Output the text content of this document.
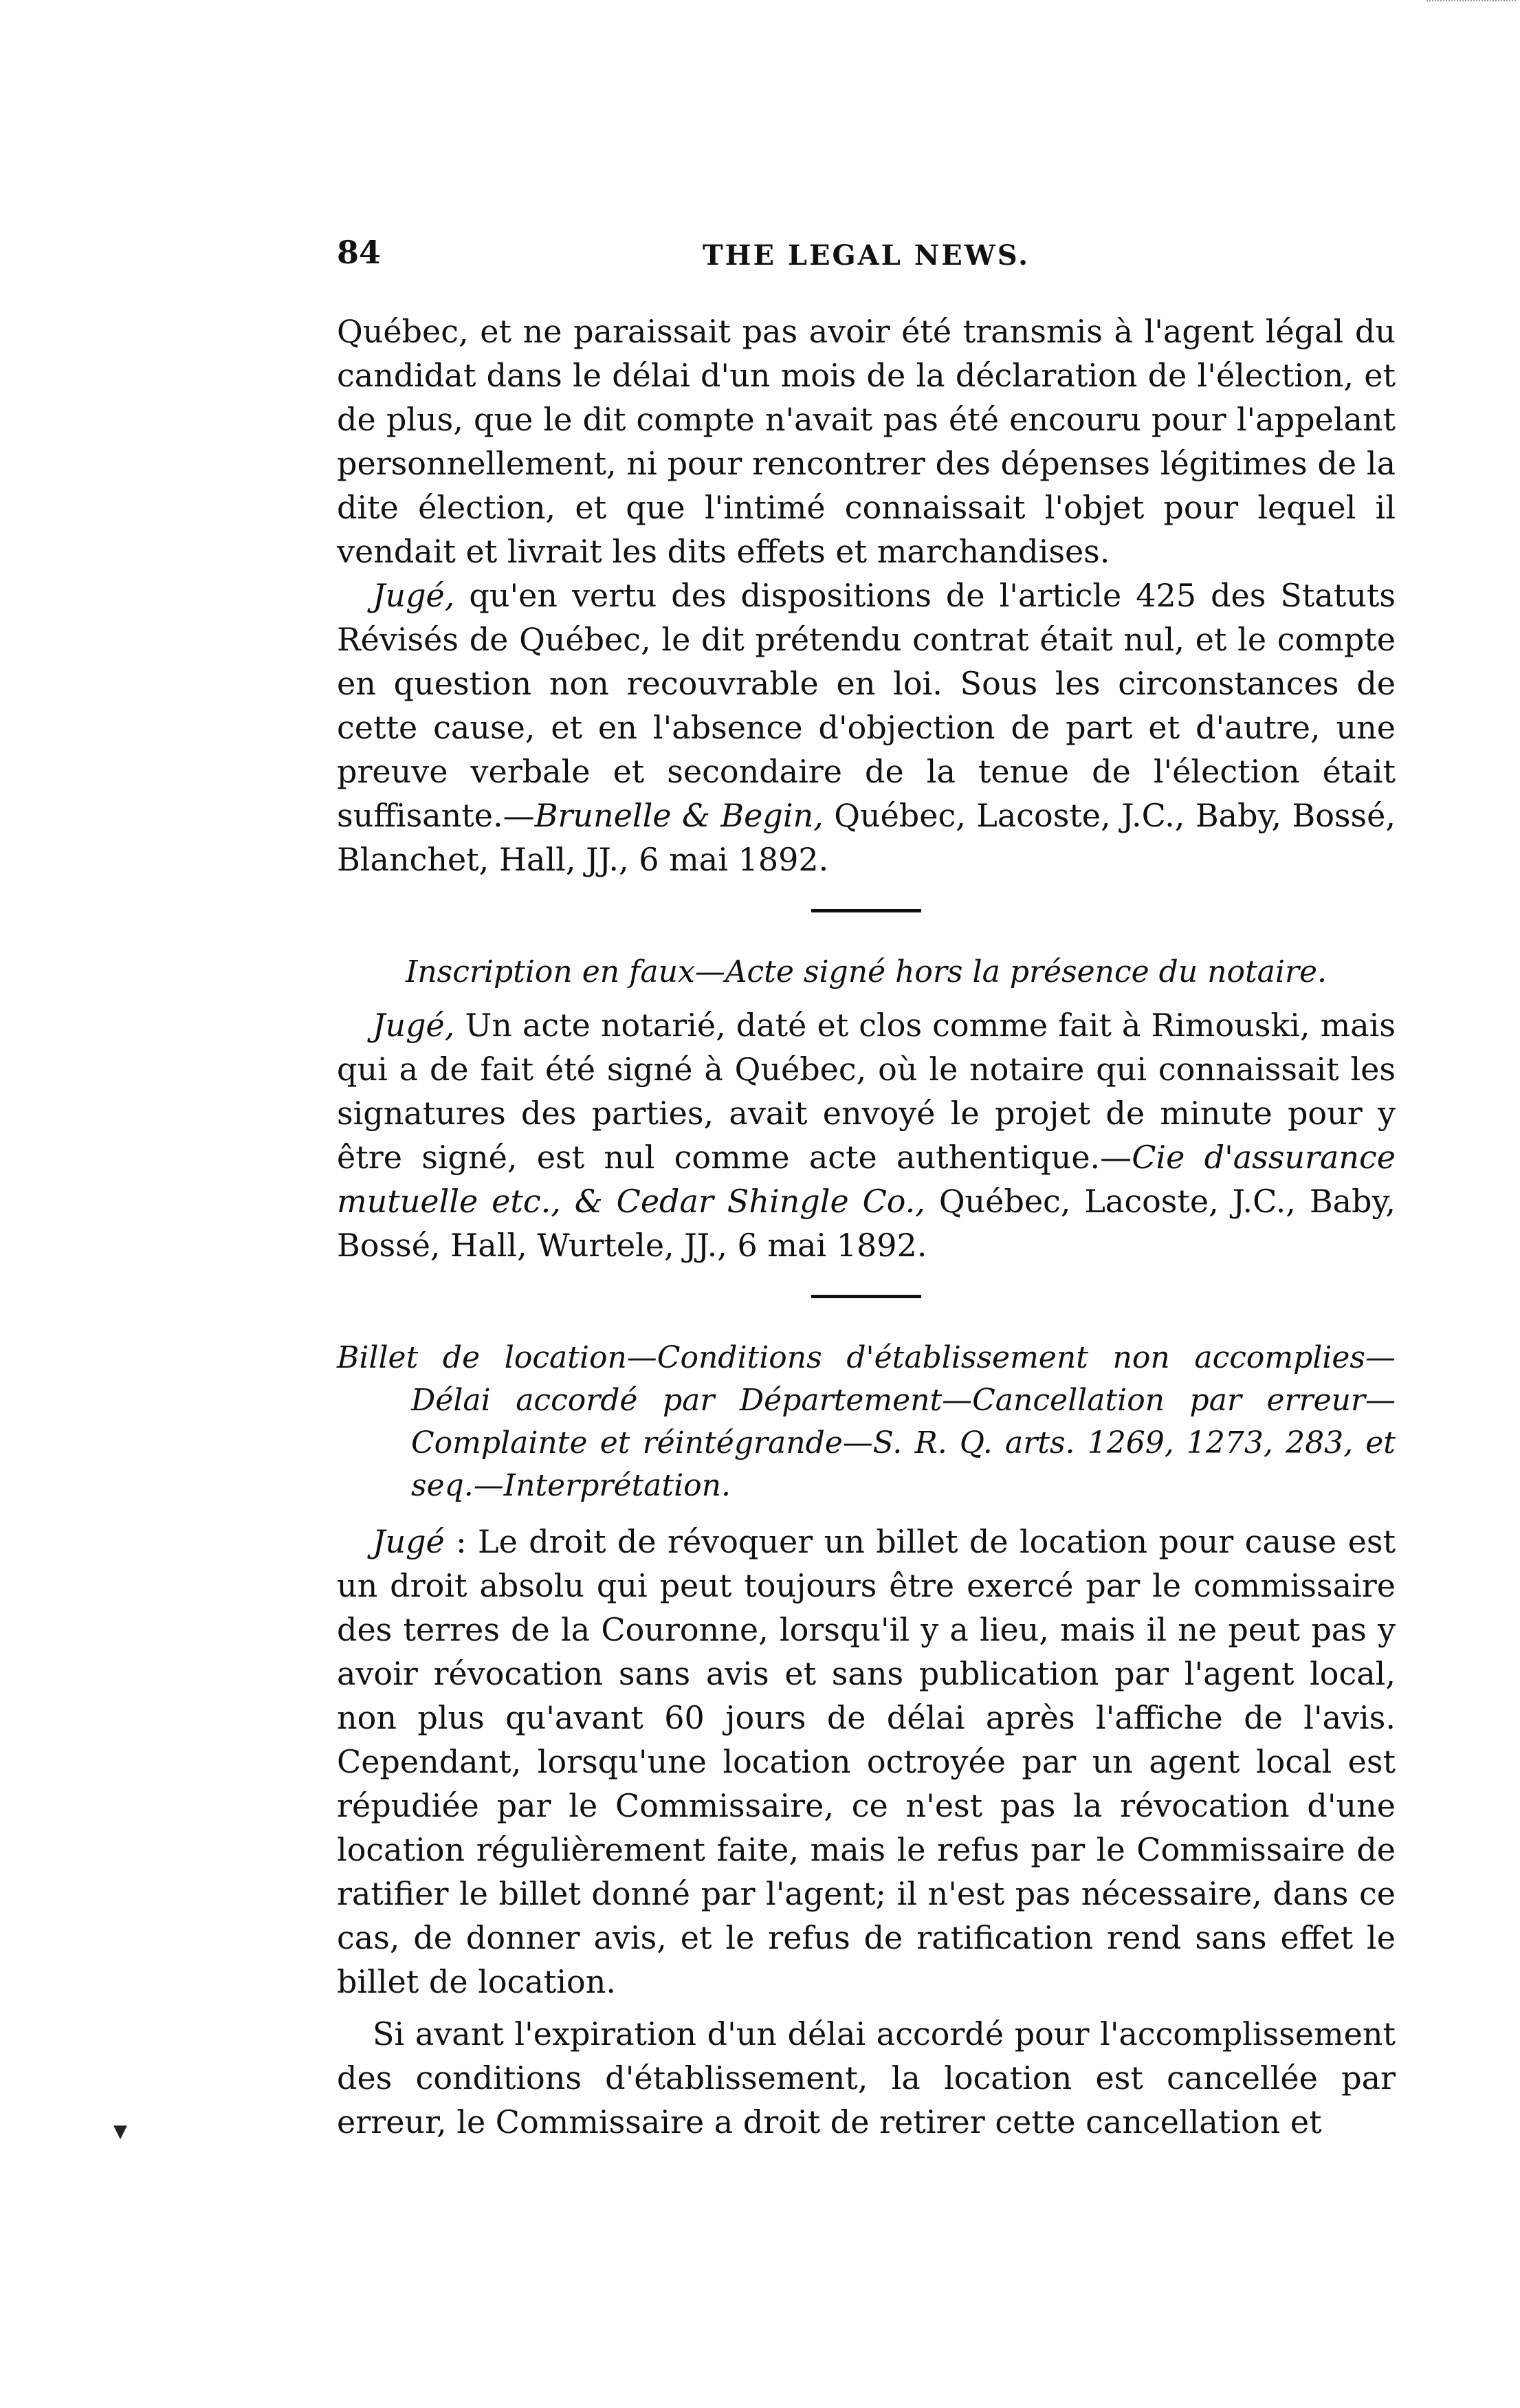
▼
84	THE LEGAL NEWS.

Québec, et ne paraissait pas avoir été transmis à l'agent légal du candidat dans le délai d'un mois de la déclaration de l'élection, et de plus, que le dit compte n'avait pas été encouru pour l'appelant personnellement, ni pour rencontrer des dépenses légitimes de la dite élection, et que l'intimé connaissait l'objet pour lequel il vendait et livrait les dits effets et marchandises.

Jugé, qu'en vertu des dispositions de l'article 425 des Statuts Révisés de Québec, le dit prétendu contrat était nul, et le compte en question non recouvrable en loi. Sous les circonstances de cette cause, et en l'absence d'objection de part et d'autre, une preuve verbale et secondaire de la tenue de l'élection était suffisante.—Brunelle & Begin, Québec, Lacoste, J.C., Baby, Bossé, Blanchet, Hall, JJ., 6 mai 1892.

Inscription en faux—Acte signé hors la présence du notaire.

Jugé, Un acte notarié, daté et clos comme fait à Rimouski, mais qui a de fait été signé à Québec, où le notaire qui connaissait les signatures des parties, avait envoyé le projet de minute pour y être signé, est nul comme acte authentique.—Cie d'assurance mutuelle etc., & Cedar Shingle Co., Québec, Lacoste, J.C., Baby, Bossé, Hall, Wurtele, JJ., 6 mai 1892.

Billet de location—Conditions d'établissement non accomplies—Délai accordé par Département—Cancellation par erreur—Complainte et réintégrande—S. R. Q. arts. 1269, 1273, 283, et seq.—Interprétation.

Jugé : Le droit de révoquer un billet de location pour cause est un droit absolu qui peut toujours être exercé par le commissaire des terres de la Couronne, lorsqu'il y a lieu, mais il ne peut pas y avoir révocation sans avis et sans publication par l'agent local, non plus qu'avant 60 jours de délai après l'affiche de l'avis. Cependant, lorsqu'une location octroyée par un agent local est répudiée par le Commissaire, ce n'est pas la révocation d'une location régulièrement faite, mais le refus par le Commissaire de ratifier le billet donné par l'agent; il n'est pas nécessaire, dans ce cas, de donner avis, et le refus de ratification rend sans effet le billet de location.

Si avant l'expiration d'un délai accordé pour l'accomplissement des conditions d'établissement, la location est cancellée par erreur, le Commissaire a droit de retirer cette cancellation et
